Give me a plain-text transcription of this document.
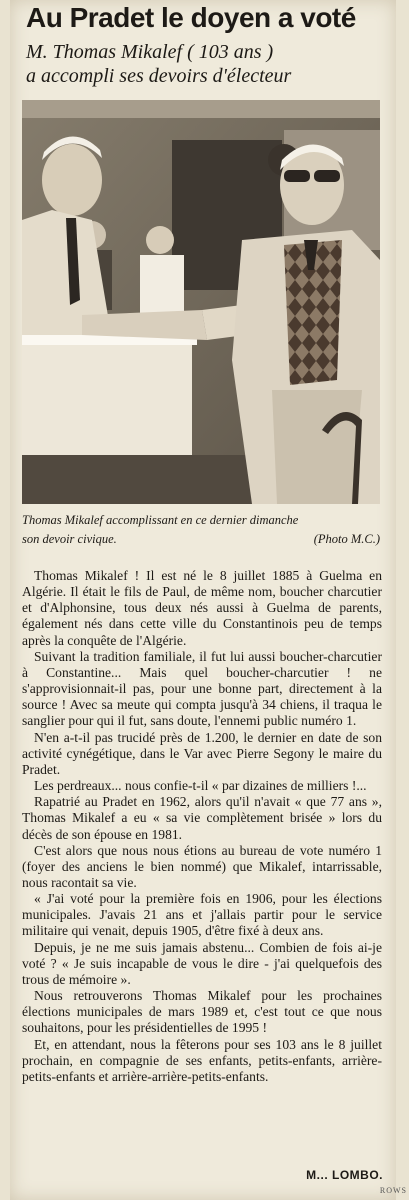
Au Pradet le doyen a voté
M. Thomas Mikalef ( 103 ans )
a accompli ses devoirs d'électeur
Thomas Mikalef accomplissant en ce dernier dimanche
son devoir civique.	(Photo M.C.)

Thomas Mikalef ! Il est né le 8 juillet 1885 à Guelma en Algérie. Il était le fils de Paul, de même nom, boucher charcutier et d'Alphonsine, tous deux nés aussi à Guelma de parents, également nés dans cette ville du Constantinois peu de temps après la conquête de l'Algérie.

Suivant la tradition familiale, il fut lui aussi boucher-charcutier à Constantine... Mais quel boucher-charcutier ! ne s'approvisionnait-il pas, pour une bonne part, directement à la source ! Avec sa meute qui compta jusqu'à 34 chiens, il traqua le sanglier pour qui il fut, sans doute, l'ennemi public numéro 1.

N'en a-t-il pas trucidé près de 1.200, le dernier en date de son activité cynégétique, dans le Var avec Pierre Segony le maire du Pradet.

Les perdreaux... nous confie-t-il « par dizaines de milliers !...

Rapatrié au Pradet en 1962, alors qu'il n'avait « que 77 ans », Thomas Mikalef a eu « sa vie complètement brisée » lors du décès de son épouse en 1981.

C'est alors que nous nous étions au bureau de vote numéro 1 (foyer des anciens le bien nommé) que Mikalef, intarrissable, nous racontait sa vie.

« J'ai voté pour la première fois en 1906, pour les élections municipales. J'avais 21 ans et j'allais partir pour le service militaire qui venait, depuis 1905, d'être fixé à deux ans.

Depuis, je ne me suis jamais abstenu... Combien de fois ai-je voté ? « Je suis incapable de vous le dire - j'ai quelquefois des trous de mémoire ».

Nous retrouverons Thomas Mikalef pour les prochaines élections municipales de mars 1989 et, c'est tout ce que nous souhaitons, pour les présidentielles de 1995 !

Et, en attendant, nous la fêterons pour ses 103 ans le 8 juillet prochain, en compagnie de ses enfants, petits-enfants, arrière-petits-enfants et arrière-arrière-petits-enfants.

M... LOMBO.
ROWS
